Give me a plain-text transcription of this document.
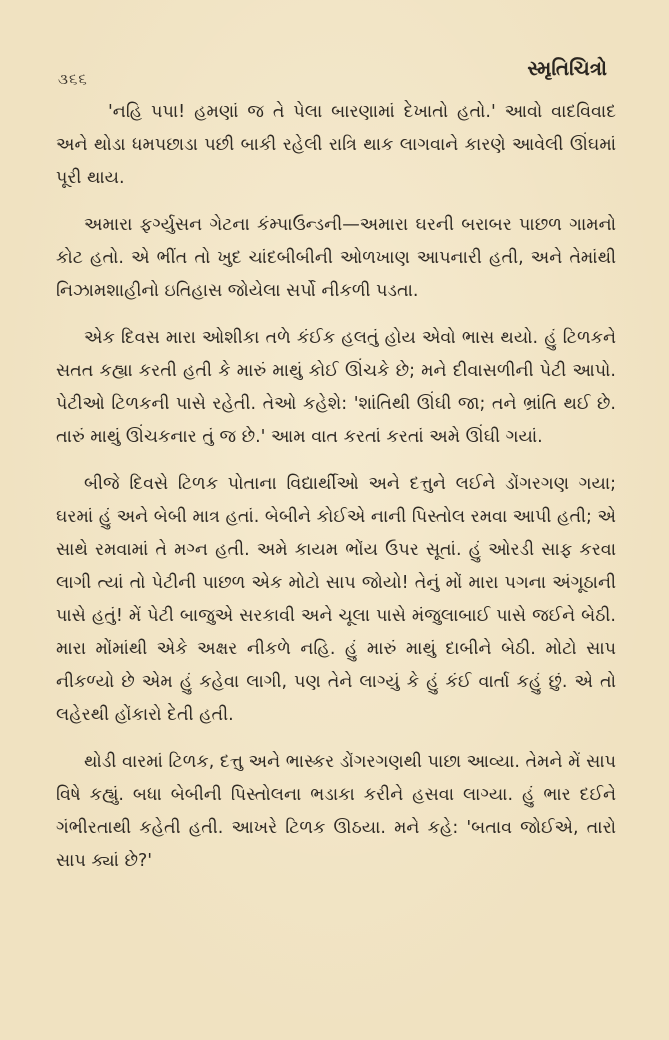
૩૬૬	સ્મૃતિચિત્રો

'નહિ પપા! હમણાં જ તે પેલા બારણામાં દેખાતો હતો.' આવો વાદવિવાદ અને થોડા ધમપછાડા પછી બાકી રહેલી રાત્રિ થાક લાગવાને કારણે આવેલી ઊંઘમાં પૂરી થાય.

અમારા ફર્ગ્યુસન ગેટના કંમ્પાઉન્ડની—અમારા ઘરની બરાબર પાછળ ગામનો કોટ હતો. એ ભીંત તો ખુદ ચાંદબીબીની ઓળખાણ આપનારી હતી, અને તેમાંથી નિઝામશાહીનો ઇતિહાસ જોયેલા સર્પો નીકળી પડતા.

એક દિવસ મારા ઓશીકા તળે કંઈક હલતું હોય એવો ભાસ થયો. હું ટિળકને સતત કહ્યા કરતી હતી કે મારું માથું કોઈ ઊંચકે છે; મને દીવાસળીની પેટી આપો. પેટીઓ ટિળકની પાસે રહેતી. તેઓ કહેશે: 'શાંતિથી ઊંઘી જા; તને ભ્રાંતિ થઈ છે. તારું માથું ઊંચકનાર તું જ છે.' આમ વાત કરતાં કરતાં અમે ઊંઘી ગયાં.

બીજે દિવસે ટિળક પોતાના વિદ્યાર્થીઓ અને દત્તુને લઈને ડોંગરગણ ગયા; ઘરમાં હું અને બેબી માત્ર હતાં. બેબીને કોઈએ નાની પિસ્તોલ રમવા આપી હતી; એ સાથે રમવામાં તે મગ્ન હતી. અમે કાયમ ભોંય ઉપર સૂતાં. હું ઓરડી સાફ કરવા લાગી ત્યાં તો પેટીની પાછળ એક મોટો સાપ જોયો! તેનું મોં મારા પગના અંગૂઠાની પાસે હતું! મેં પેટી બાજુએ સરકાવી અને ચૂલા પાસે મંજુલાબાઈ પાસે જઈને બેઠી. મારા મોંમાંથી એકે અક્ષર નીકળે નહિ. હું મારું માથું દાબીને બેઠી. મોટો સાપ નીકળ્યો છે એમ હું કહેવા લાગી, પણ તેને લાગ્યું કે હું કંઈ વાર્તા કહું છું. એ તો લહેરથી હોંકારો દેતી હતી.

થોડી વારમાં ટિળક, દત્તુ અને ભાસ્કર ડોંગરગણથી પાછા આવ્યા. તેમને મેં સાપ વિષે કહ્યું. બધા બેબીની પિસ્તોલના ભડાકા કરીને હસવા લાગ્યા. હું ભાર દઈને ગંભીરતાથી કહેતી હતી. આખરે ટિળક ઊઠયા. મને કહે: 'બતાવ જોઈએ, તારો સાપ ક્યાં છે?'
